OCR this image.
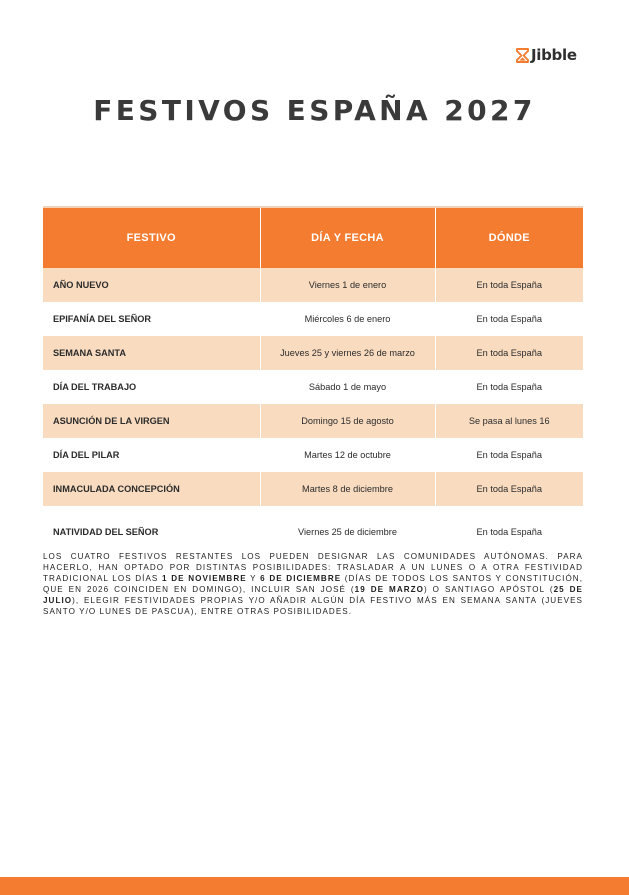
Jibble
FESTIVOS ESPAÑA 2027
FESTIVO	DÍA Y FECHA	DÓNDE
AÑO NUEVO	Viernes 1 de enero	En toda España
EPIFANÍA DEL SEÑOR	Miércoles 6 de enero	En toda España
SEMANA SANTA	Jueves 25 y viernes 26 de marzo	En toda España
DÍA DEL TRABAJO	Sábado 1 de mayo	En toda España
ASUNCIÓN DE LA VIRGEN	Domingo 15 de agosto	Se pasa al lunes 16
DÍA DEL PILAR	Martes 12 de octubre	En toda España
INMACULADA CONCEPCIÓN	Martes 8 de diciembre	En toda España
NATIVIDAD DEL SEÑOR	Viernes 25 de diciembre	En toda España

LOS CUATRO FESTIVOS RESTANTES LOS PUEDEN DESIGNAR LAS COMUNIDADES AUTÓNOMAS. PARA HACERLO, HAN OPTADO POR DISTINTAS POSIBILIDADES: TRASLADAR A UN LUNES O A OTRA FESTIVIDAD TRADICIONAL LOS DÍAS 1 DE NOVIEMBRE Y 6 DE DICIEMBRE (DÍAS DE TODOS LOS SANTOS Y CONSTITUCIÓN, QUE EN 2026 COINCIDEN EN DOMINGO), INCLUIR SAN JOSÉ (19 DE MARZO) O SANTIAGO APÓSTOL (25 DE JULIO), ELEGIR FESTIVIDADES PROPIAS Y/O AÑADIR ALGÚN DÍA FESTIVO MÁS EN SEMANA SANTA (JUEVES SANTO Y/O LUNES DE PASCUA), ENTRE OTRAS POSIBILIDADES.
